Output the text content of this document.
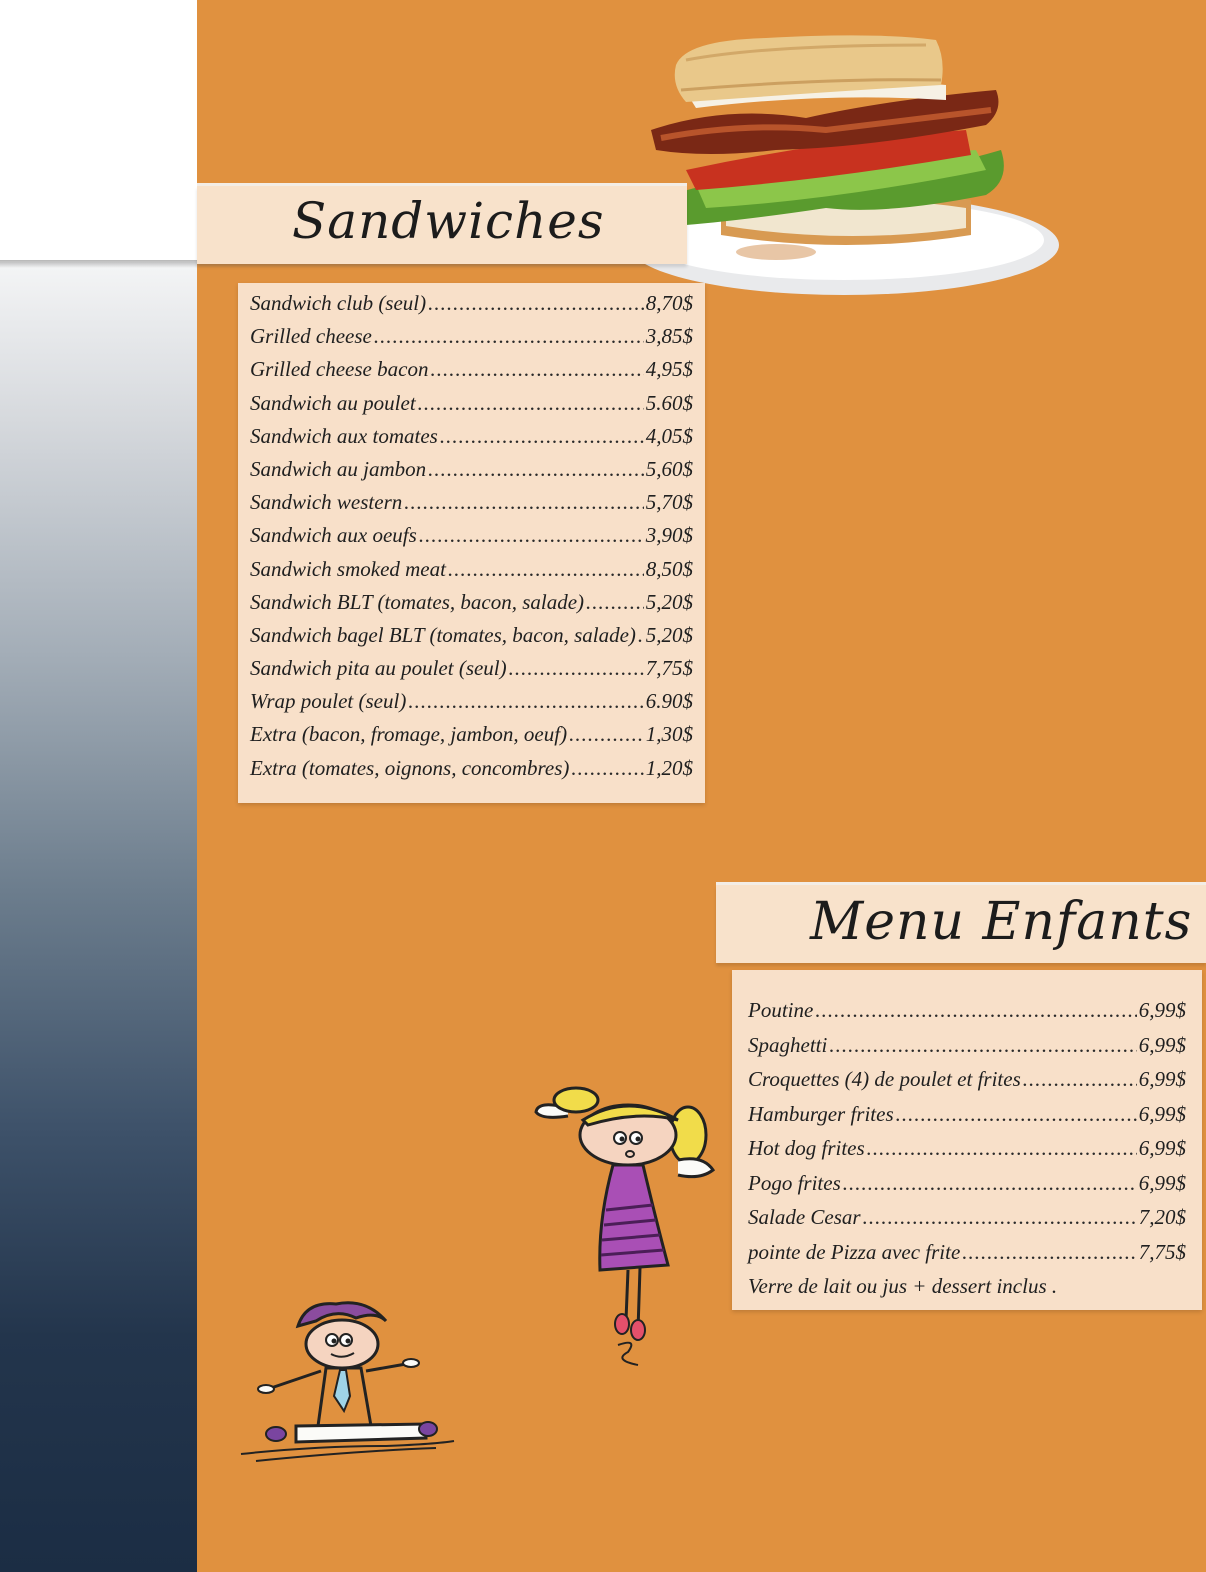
Sandwiches
Sandwich club (seul) .....	8,70$
Grilled cheese .....	3,85$
Grilled cheese bacon .....	4,95$
Sandwich au poulet .....	5.60$
Sandwich aux tomates .....	4,05$
Sandwich au jambon .....	5,60$
Sandwich western .....	5,70$
Sandwich aux oeufs .....	3,90$
Sandwich smoked meat .....	8,50$
Sandwich BLT (tomates, bacon, salade) .....	5,20$
Sandwich bagel BLT (tomates, bacon, salade) ..... 5,20$
Sandwich pita au poulet (seul) .....	7,75$
Wrap poulet (seul) .....	6.90$
Extra (bacon, fromage, jambon, oeuf) .....	1,30$
Extra (tomates, oignons, concombres) .....	1,20$
Menu Enfants
Poutine .....	6,99$
Spaghetti .....	6,99$
Croquettes (4) de poulet et frites .....	6,99$
Hamburger frites .....	6,99$
Hot dog frites .....	6,99$
Pogo frites .....	6,99$
Salade Cesar .....	7,20$
pointe de Pizza avec frite .....	7,75$
Verre de lait ou jus + dessert inclus .
